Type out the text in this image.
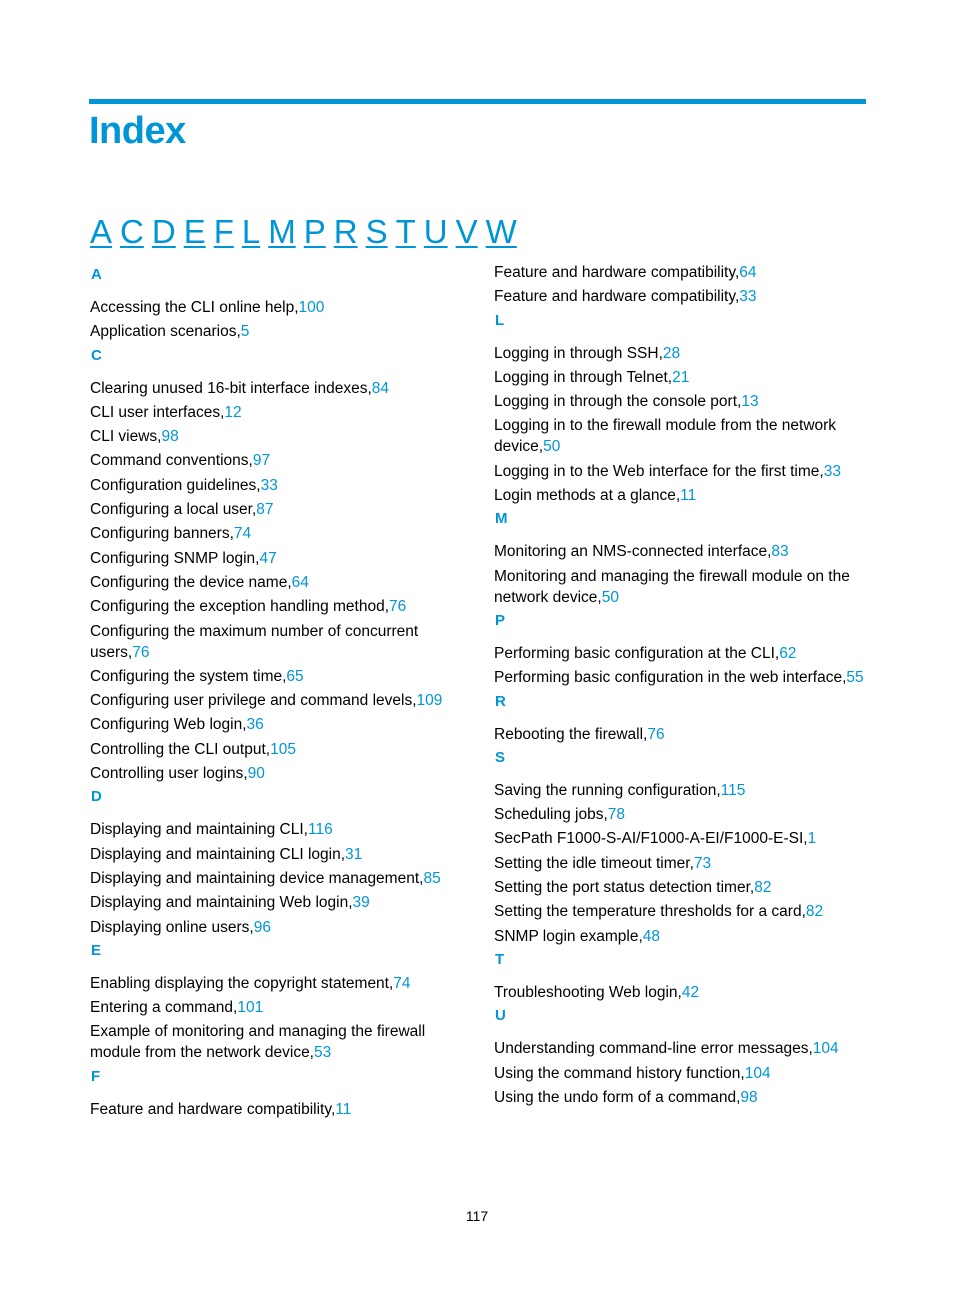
Index
A C D E F L M P R S T U V W
A
Accessing the CLI online help,100
Application scenarios,5
C
Clearing unused 16-bit interface indexes,84
CLI user interfaces,12
CLI views,98
Command conventions,97
Configuration guidelines,33
Configuring a local user,87
Configuring banners,74
Configuring SNMP login,47
Configuring the device name,64
Configuring the exception handling method,76
Configuring the maximum number of concurrent users,76
Configuring the system time,65
Configuring user privilege and command levels,109
Configuring Web login,36
Controlling the CLI output,105
Controlling user logins,90
D
Displaying and maintaining CLI,116
Displaying and maintaining CLI login,31
Displaying and maintaining device management,85
Displaying and maintaining Web login,39
Displaying online users,96
E
Enabling displaying the copyright statement,74
Entering a command,101
Example of monitoring and managing the firewall module from the network device,53
F
Feature and hardware compatibility,11
Feature and hardware compatibility,64
Feature and hardware compatibility,33
L
Logging in through SSH,28
Logging in through Telnet,21
Logging in through the console port,13
Logging in to the firewall module from the network device,50
Logging in to the Web interface for the first time,33
Login methods at a glance,11
M
Monitoring an NMS-connected interface,83
Monitoring and managing the firewall module on the network device,50
P
Performing basic configuration at the CLI,62
Performing basic configuration in the web interface,55
R
Rebooting the firewall,76
S
Saving the running configuration,115
Scheduling jobs,78
SecPath F1000-S-AI/F1000-A-EI/F1000-E-SI,1
Setting the idle timeout timer,73
Setting the port status detection timer,82
Setting the temperature thresholds for a card,82
SNMP login example,48
T
Troubleshooting Web login,42
U
Understanding command-line error messages,104
Using the command history function,104
Using the undo form of a command,98
117
